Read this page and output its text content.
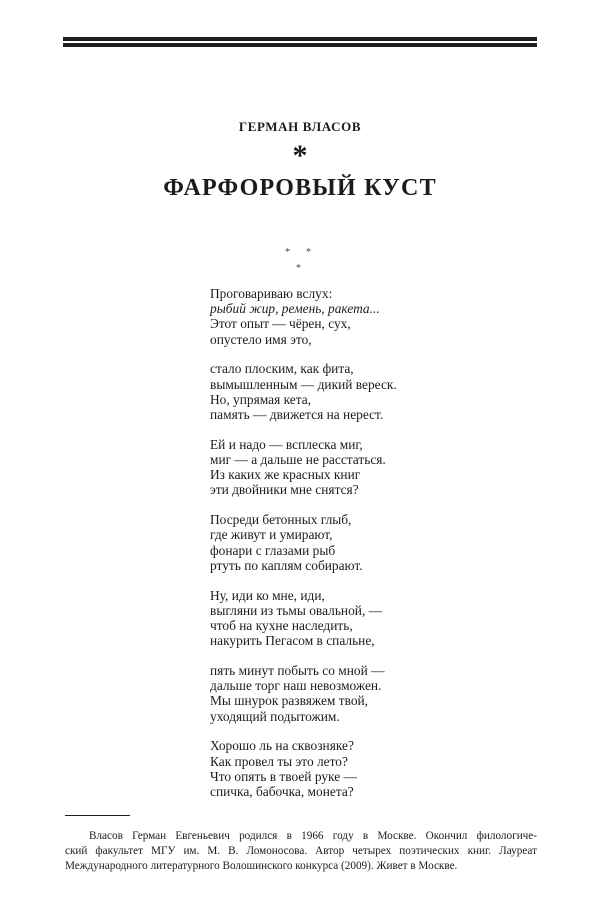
ГЕРМАН ВЛАСОВ
*
ФАРФОРОВЫЙ КУСТ
* *
*
Проговариваю вслух:
рыбий жир, ремень, ракета...
Этот опыт — чёрен, сух,
опустело имя это,
стало плоским, как фита,
вымышленным — дикий вереск.
Но, упрямая кета,
память — движется на нерест.
Ей и надо — всплеска миг,
миг — а дальше не расстаться.
Из каких же красных книг
эти двойники мне снятся?
Посреди бетонных глыб,
где живут и умирают,
фонари с глазами рыб
ртуть по каплям собирают.
Ну, иди ко мне, иди,
выгляни из тьмы овальной, —
чтоб на кухне наследить,
накурить Пегасом в спальне,
пять минут побыть со мной —
дальше торг наш невозможен.
Мы шнурок развяжем твой,
уходящий подытожим.
Хорошо ль на сквозняке?
Как провел ты это лето?
Что опять в твоей руке —
спичка, бабочка, монета?
Власов Герман Евгеньевич родился в 1966 году в Москве. Окончил филологиче-
ский факультет МГУ им. М. В. Ломоносова. Автор четырех поэтических книг. Лауреат
Международного литературного Волошинского конкурса (2009). Живет в Москве.
